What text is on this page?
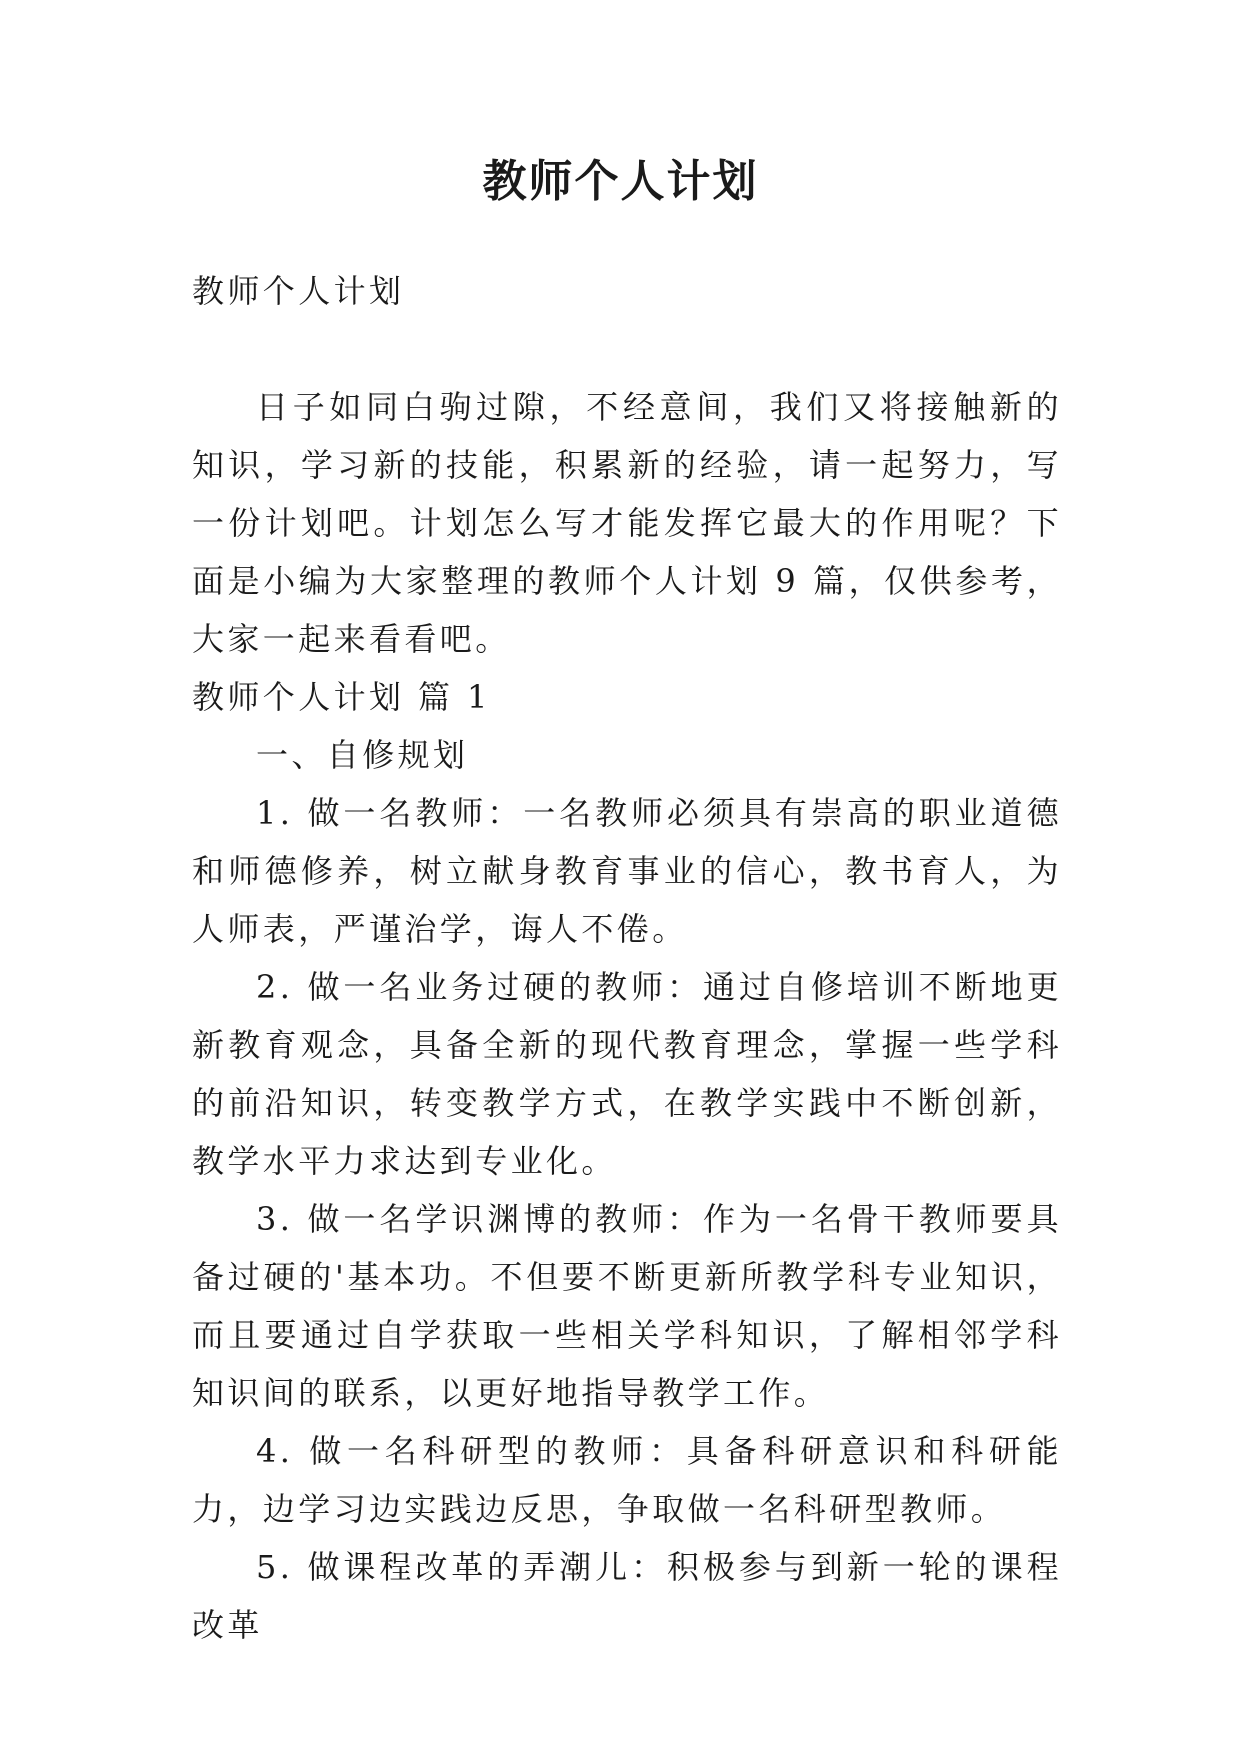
教师个人计划

教师个人计划

日子如同白驹过隙，不经意间，我们又将接触新的知识，学习新的技能，积累新的经验，请一起努力，写一份计划吧。计划怎么写才能发挥它最大的作用呢？下面是小编为大家整理的教师个人计划 9 篇，仅供参考，大家一起来看看吧。

教师个人计划 篇 1

一、自修规划

1. 做一名教师：一名教师必须具有崇高的职业道德和师德修养，树立献身教育事业的信心，教书育人，为人师表，严谨治学，诲人不倦。

2. 做一名业务过硬的教师：通过自修培训不断地更新教育观念，具备全新的现代教育理念，掌握一些学科的前沿知识，转变教学方式，在教学实践中不断创新，教学水平力求达到专业化。

3. 做一名学识渊博的教师：作为一名骨干教师要具备过硬的'基本功。不但要不断更新所教学科专业知识，而且要通过自学获取一些相关学科知识，了解相邻学科知识间的联系，以更好地指导教学工作。

4. 做一名科研型的教师：具备科研意识和科研能力，边学习边实践边反思，争取做一名科研型教师。

5. 做课程改革的弄潮儿：积极参与到新一轮的课程改革
